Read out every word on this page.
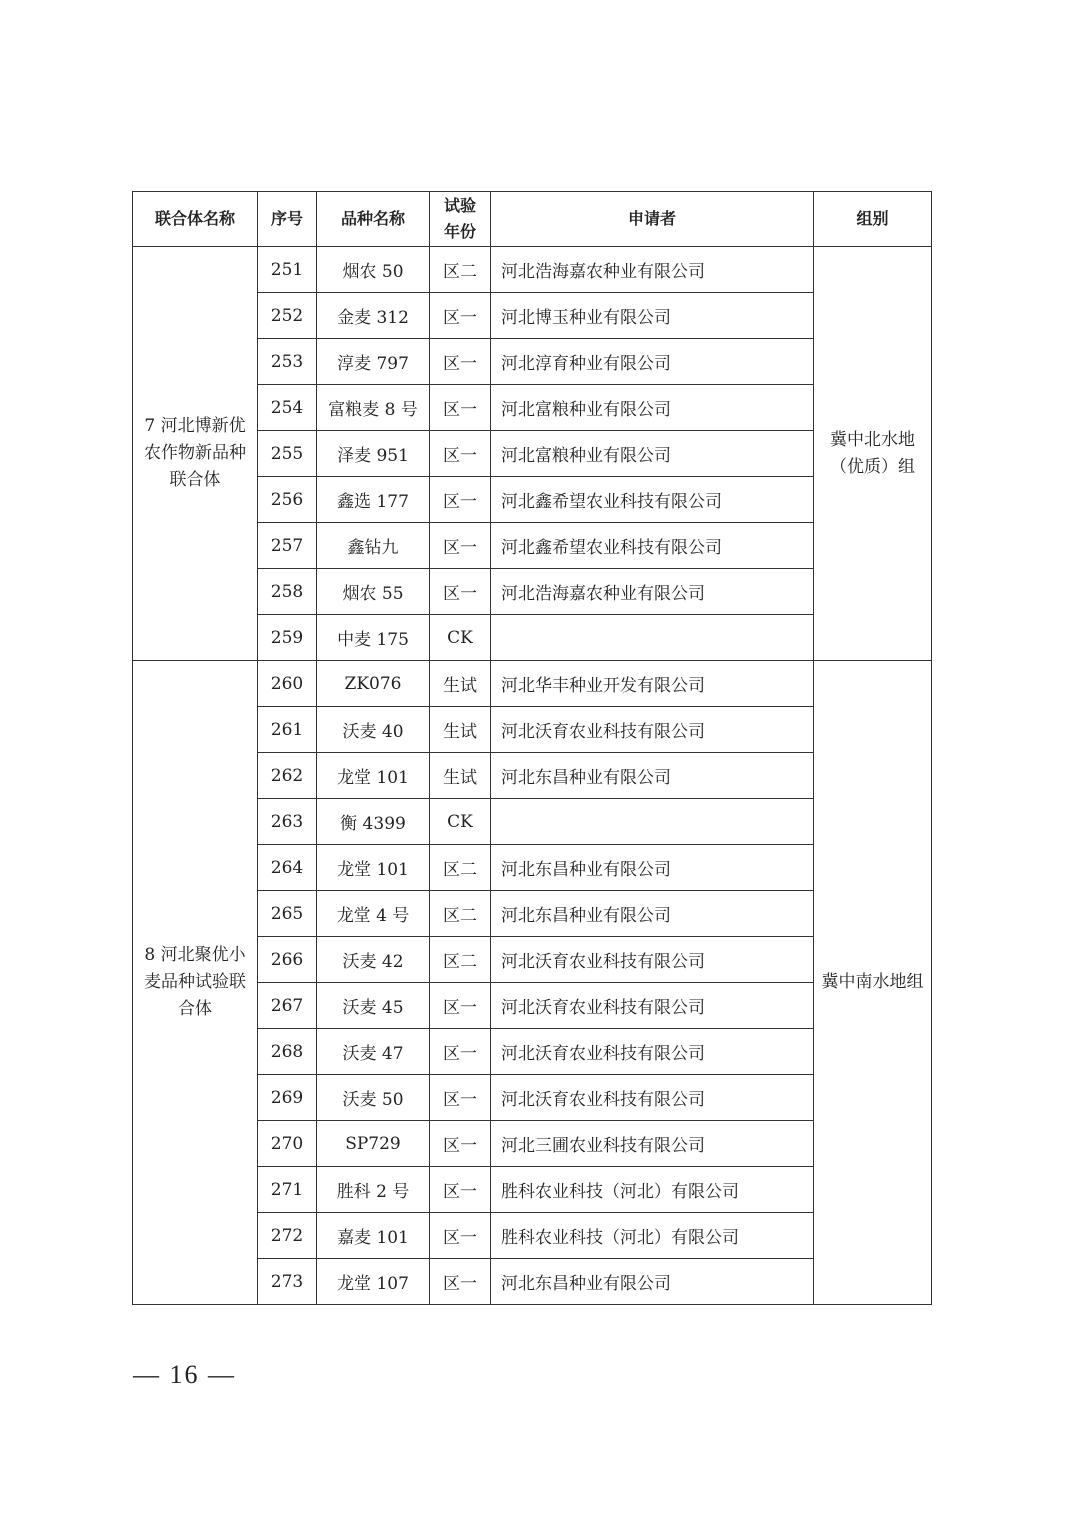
联合体名称	序号	品种名称	试验年份	申请者	组别
7 河北博新优农作物新品种联合体	251	烟农 50	区二	河北浩海嘉农种业有限公司	冀中北水地（优质）组
	252	金麦 312	区一	河北博玉种业有限公司	
	253	淳麦 797	区一	河北淳育种业有限公司	
	254	富粮麦 8 号	区一	河北富粮种业有限公司	
	255	泽麦 951	区一	河北富粮种业有限公司	
	256	鑫选 177	区一	河北鑫希望农业科技有限公司	
	257	鑫钻九	区一	河北鑫希望农业科技有限公司	
	258	烟农 55	区一	河北浩海嘉农种业有限公司	
	259	中麦 175	CK		
8 河北聚优小麦品种试验联合体	260	ZK076	生试	河北华丰种业开发有限公司	冀中南水地组
	261	沃麦 40	生试	河北沃育农业科技有限公司	
	262	龙堂 101	生试	河北东昌种业有限公司	
	263	衡 4399	CK		
	264	龙堂 101	区二	河北东昌种业有限公司	
	265	龙堂 4 号	区二	河北东昌种业有限公司	
	266	沃麦 42	区二	河北沃育农业科技有限公司	
	267	沃麦 45	区一	河北沃育农业科技有限公司	
	268	沃麦 47	区一	河北沃育农业科技有限公司	
	269	沃麦 50	区一	河北沃育农业科技有限公司	
	270	SP729	区一	河北三圃农业科技有限公司	
	271	胜科 2 号	区一	胜科农业科技（河北）有限公司	
	272	嘉麦 101	区一	胜科农业科技（河北）有限公司	
	273	龙堂 107	区一	河北东昌种业有限公司	
— 16 —
